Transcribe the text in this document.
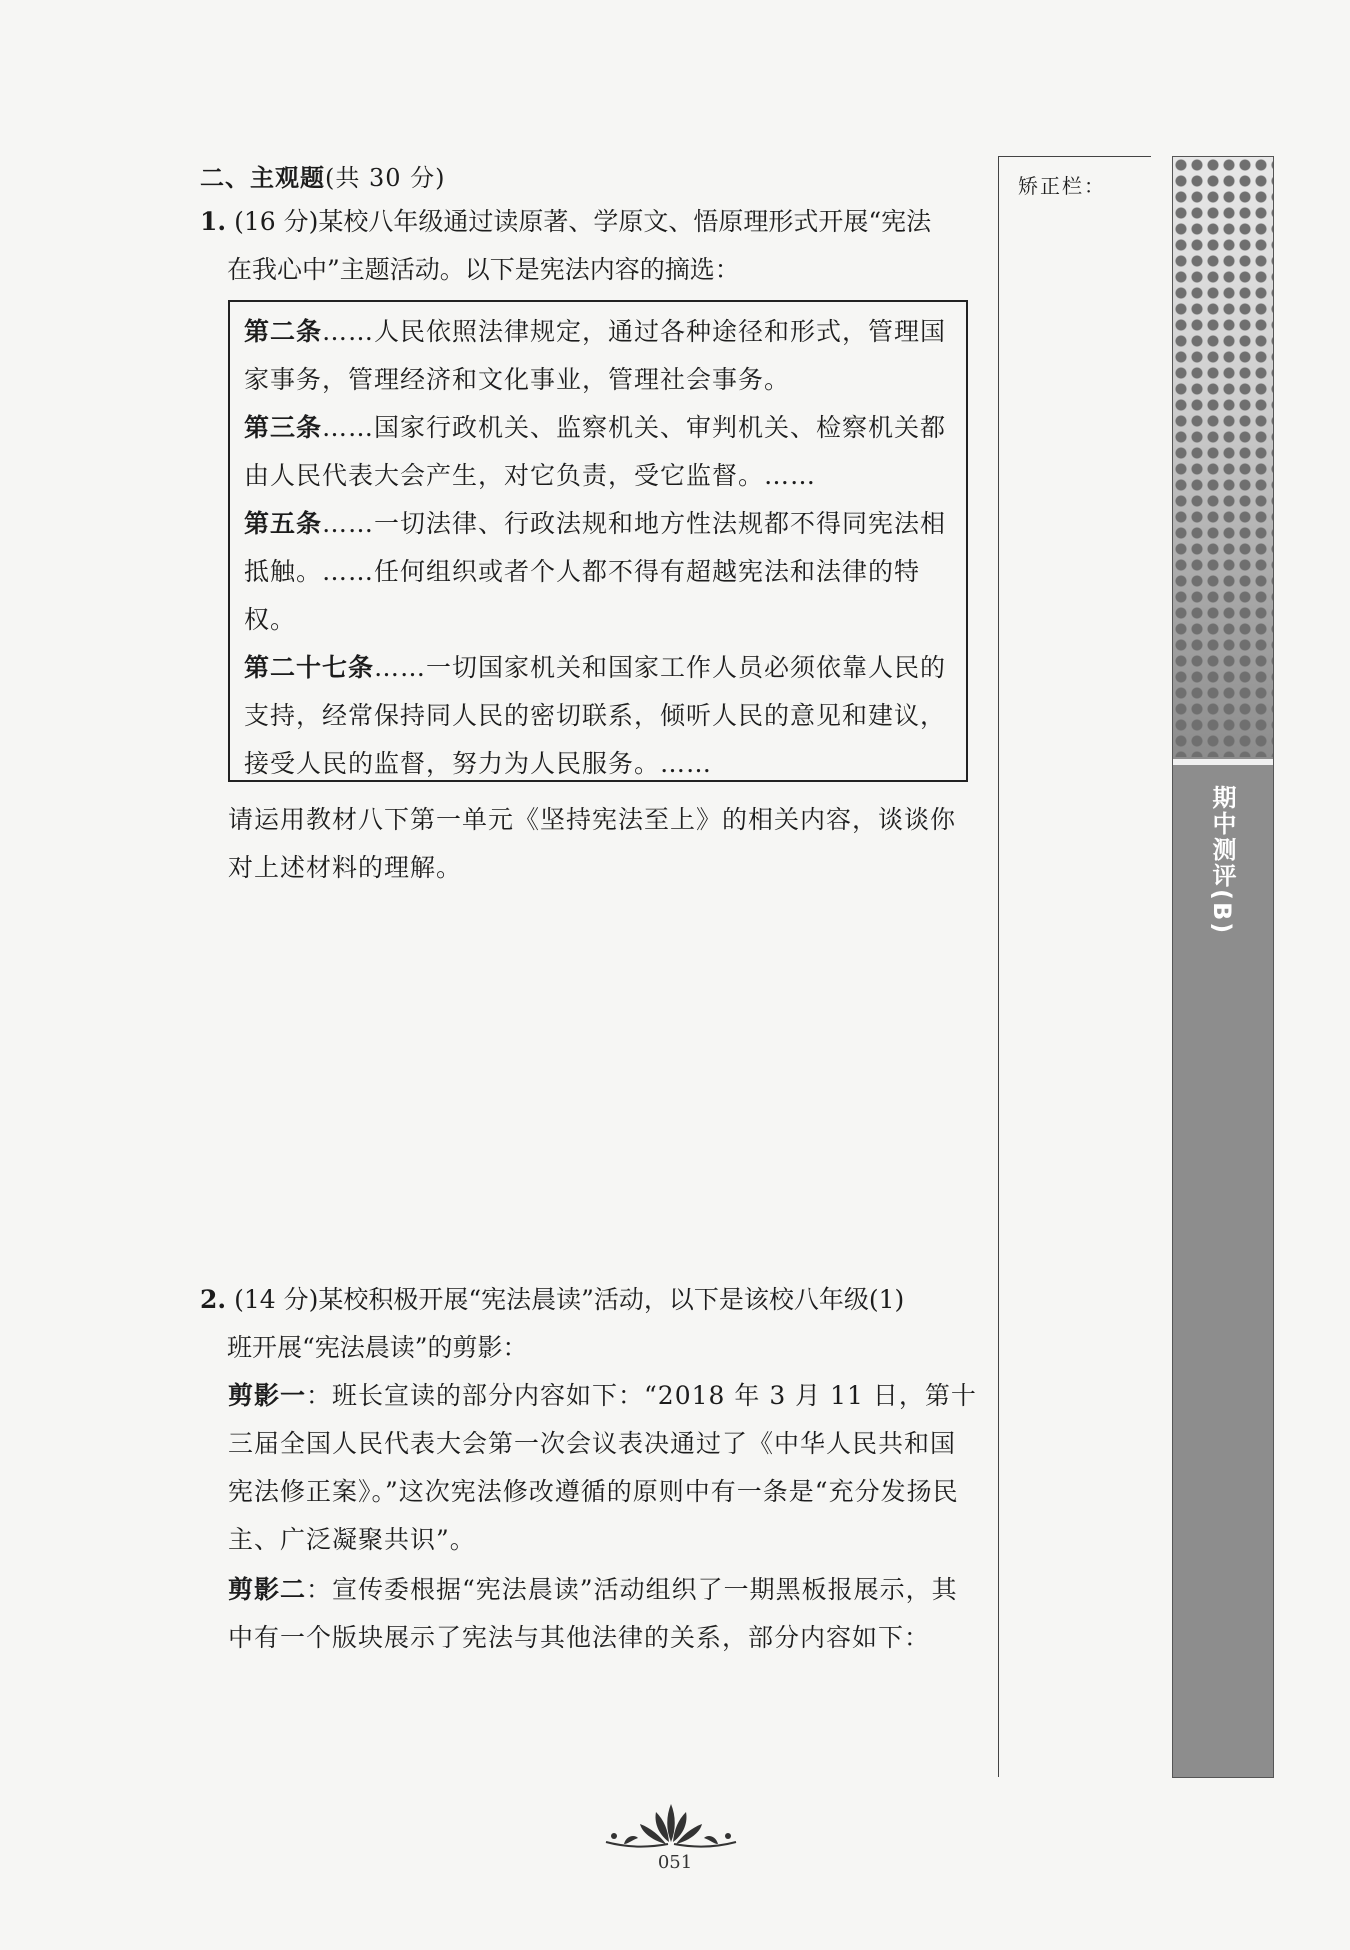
二、主观题(共 30 分)
1. (16 分)某校八年级通过读原著、学原文、悟原理形式开展“宪法
在我心中”主题活动。以下是宪法内容的摘选：

第二条……人民依照法律规定，通过各种途径和形式，管理国家事务，管理经济和文化事业，管理社会事务。

第三条……国家行政机关、监察机关、审判机关、检察机关都由人民代表大会产生，对它负责，受它监督。……

第五条……一切法律、行政法规和地方性法规都不得同宪法相抵触。……任何组织或者个人都不得有超越宪法和法律的特权。

第二十七条……一切国家机关和国家工作人员必须依靠人民的支持，经常保持同人民的密切联系，倾听人民的意见和建议，接受人民的监督，努力为人民服务。……

请运用教材八下第一单元《坚持宪法至上》的相关内容，谈谈你对上述材料的理解。
2. (14 分)某校积极开展“宪法晨读”活动，以下是该校八年级(1)
班开展“宪法晨读”的剪影：
剪影一：班长宣读的部分内容如下：“2018 年 3 月 11 日，第十三届全国人民代表大会第一次会议表决通过了《中华人民共和国宪法修正案》。”这次宪法修改遵循的原则中有一条是“充分发扬民主、广泛凝聚共识”。
剪影二：宣传委根据“宪法晨读”活动组织了一期黑板报展示，其中有一个版块展示了宪法与其他法律的关系，部分内容如下：
矫正栏：
期中测评(B)
051
